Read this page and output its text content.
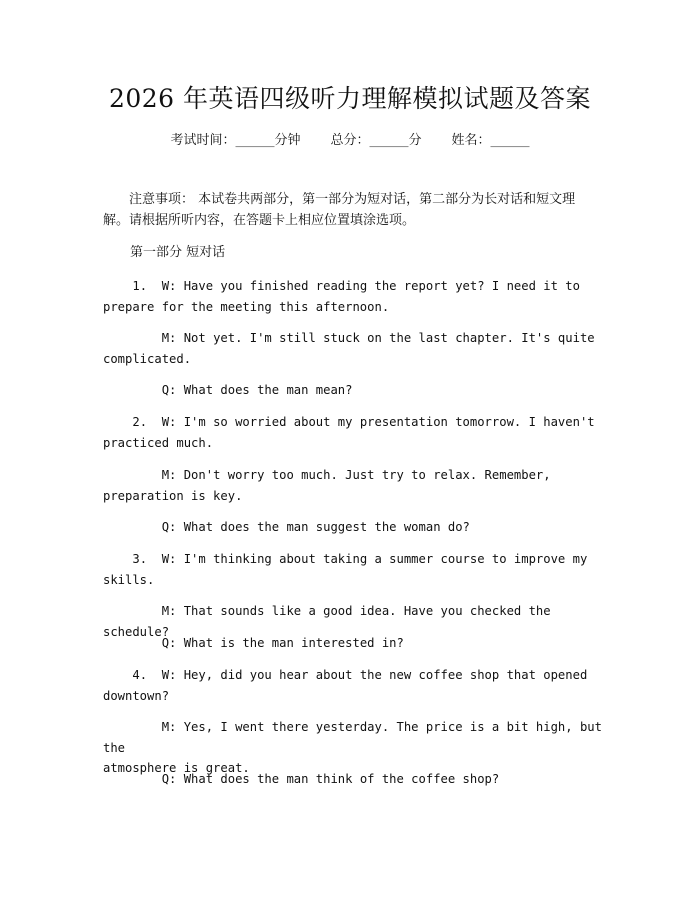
2026 年英语四级听力理解模拟试题及答案
考试时间：______分钟 总分：______分 姓名：______
注意事项： 本试卷共两部分，第一部分为短对话，第二部分为长对话和短文理解。请根据所听内容，在答题卡上相应位置填涂选项。
第一部分 短对话
1.  W: Have you finished reading the report yet? I need it to
prepare for the meeting this afternoon.
M: Not yet. I'm still stuck on the last chapter. It's quite
complicated.
Q: What does the man mean?
2.  W: I'm so worried about my presentation tomorrow. I haven't
practiced much.
M: Don't worry too much. Just try to relax. Remember,
preparation is key.
Q: What does the man suggest the woman do?
3.  W: I'm thinking about taking a summer course to improve my
skills.
M: That sounds like a good idea. Have you checked the schedule?
Q: What is the man interested in?
4.  W: Hey, did you hear about the new coffee shop that opened
downtown?
M: Yes, I went there yesterday. The price is a bit high, but the
atmosphere is great.
Q: What does the man think of the coffee shop?
